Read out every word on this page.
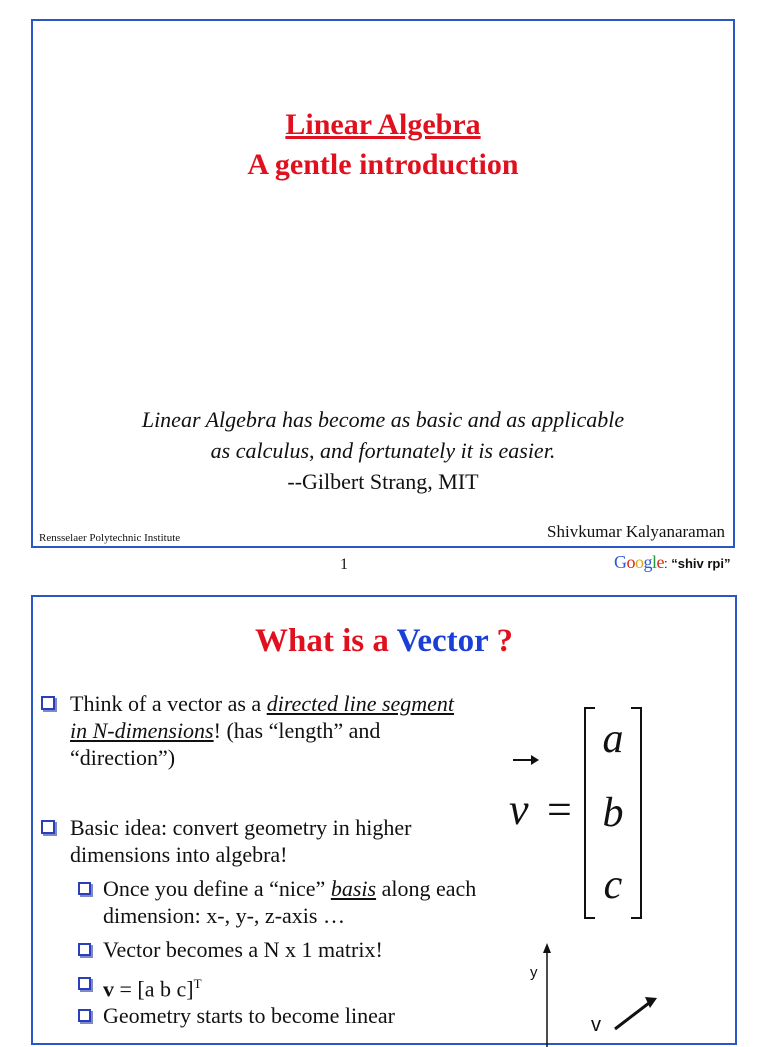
Linear Algebra
A gentle introduction
Linear Algebra has become as basic and as applicable
as calculus, and fortunately it is easier.
--Gilbert Strang, MIT
Rensselaer Polytechnic Institute	Shivkumar Kalyanaraman
1	Google: “shiv rpi”
What is a Vector ?
Think of a vector as a directed line segment in N-dimensions! (has “length” and “direction”)
Basic idea: convert geometry in higher dimensions into algebra!
Once you define a “nice” basis along each dimension: x-, y-, z-axis …
Vector becomes a N x 1 matrix!
v = [a b c]$^T$
Geometry starts to become linear
v =
a
b
c
y
v
